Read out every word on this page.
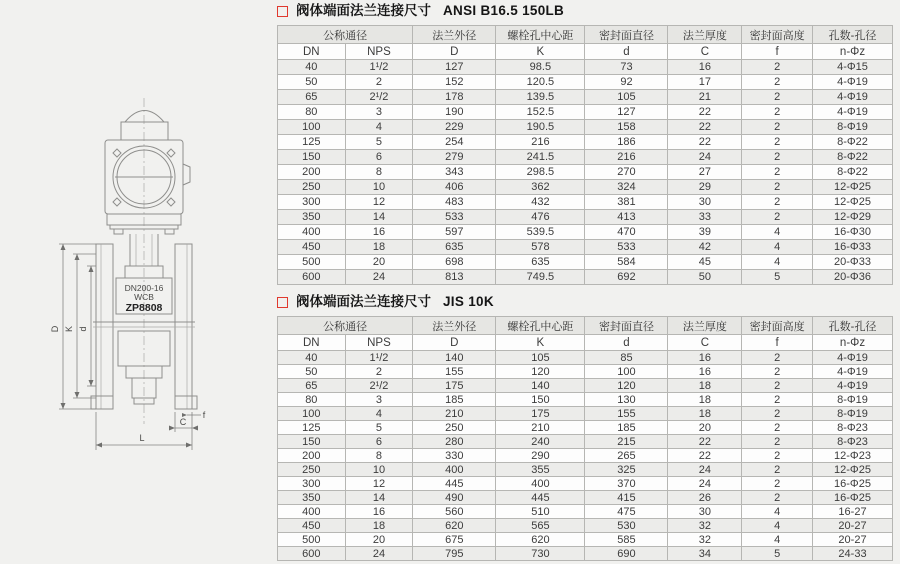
DN200-16
WCB
ZP8808
D K d
L
C
f
阀体端面法兰连接尺寸 ANSI B16.5 150LB
公称通径		法兰外径	螺栓孔中心距	密封面直径	法兰厚度	密封面高度	孔数-孔径
DN	NPS	D	K	d	C	f	n-Φz
40	1¹/2	127	98.5	73	16	2	4-Φ15
50	2	152	120.5	92	17	2	4-Φ19
65	2¹/2	178	139.5	105	21	2	4-Φ19
80	3	190	152.5	127	22	2	4-Φ19
100	4	229	190.5	158	22	2	8-Φ19
125	5	254	216	186	22	2	8-Φ22
150	6	279	241.5	216	24	2	8-Φ22
200	8	343	298.5	270	27	2	8-Φ22
250	10	406	362	324	29	2	12-Φ25
300	12	483	432	381	30	2	12-Φ25
350	14	533	476	413	33	2	12-Φ29
400	16	597	539.5	470	39	4	16-Φ30
450	18	635	578	533	42	4	16-Φ33
500	20	698	635	584	45	4	20-Φ33
600	24	813	749.5	692	50	5	20-Φ36
阀体端面法兰连接尺寸 JIS 10K
公称通径		法兰外径	螺栓孔中心距	密封面直径	法兰厚度	密封面高度	孔数-孔径
DN	NPS	D	K	d	C	f	n-Φz
40	1¹/2	140	105	85	16	2	4-Φ19
50	2	155	120	100	16	2	4-Φ19
65	2¹/2	175	140	120	18	2	4-Φ19
80	3	185	150	130	18	2	8-Φ19
100	4	210	175	155	18	2	8-Φ19
125	5	250	210	185	20	2	8-Φ23
150	6	280	240	215	22	2	8-Φ23
200	8	330	290	265	22	2	12-Φ23
250	10	400	355	325	24	2	12-Φ25
300	12	445	400	370	24	2	16-Φ25
350	14	490	445	415	26	2	16-Φ25
400	16	560	510	475	30	4	16-27
450	18	620	565	530	32	4	20-27
500	20	675	620	585	32	4	20-27
600	24	795	730	690	34	5	24-33
